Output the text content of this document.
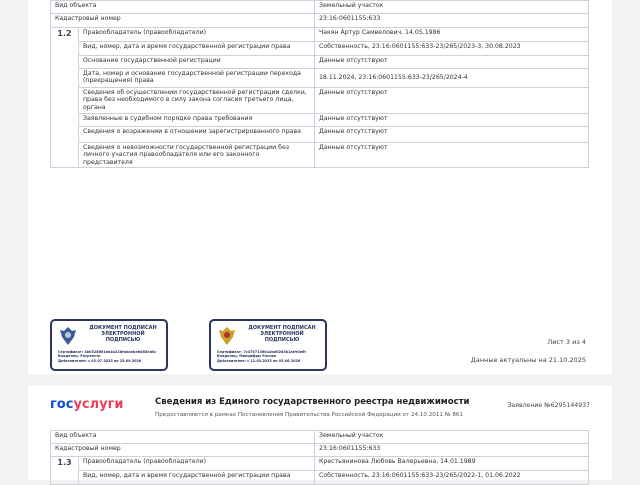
Вид объекта		Земельный участок
Кадастровый номер		23:16:0601155:633
1.2	Правообладатель (правообладатели)	Чакян Артур Самвелович, 14.05.1986
	Вид, номер, дата и время государственной регистрации права	Собственность, 23:16:0601155:633-23/265/2023-3, 30.08.2023
	Основание государственной регистрации	Данные отсутствуют
	Дата, номер и основание государственной регистрации перехода (прекращения) права	18.11.2024, 23:16:0601155:633-23/265/2024-4
	Сведения об осуществлении государственной регистрации сделки, права без необходимого в силу закона согласия третьего лица, органа	Данные отсутствуют
	Заявленные в судебном порядке права требования	Данные отсутствуют
	Сведения о возражении в отношении зарегистрированного права	Данные отсутствуют
	Сведения о невозможности государственной регистрации без личного участия правообладателя или его законного представителя	Данные отсутствуют
ДОКУМЕНТ ПОДПИСАН ЭЛЕКТРОННОЙ ПОДПИСЬЮ
Сертификат: 4b0528661eb4a22bfab4ebe8d85ed0c
Владелец: Росреестр
Действителен: с 02.07.2025 по 25.09.2026
ДОКУМЕНТ ПОДПИСАН ЭЛЕКТРОННОЙ ПОДПИСЬЮ
Сертификат: 7c4707136b1abd0283b1ae90e6f
Владелец: Минцифры России
Действителен: с 12.03.2025 по 05.06.2026
Лист 3 из 4
Данные актуальны на 21.10.2025
госуслуги	Сведения из Единого государственного реестра недвижимости
Предоставляются в рамках Постановления Правительства Российской Федерации от 24.10.2011 № 861
Заявление №6295144937
Вид объекта		Земельный участок
Кадастровый номер		23:16:0601155:633
1.3	Правообладатель (правообладатели)	Крестьянинова Любовь Валерьевна, 14.01.1989
	Вид, номер, дата и время государственной регистрации права	Собственность, 23:16:0601155:633-23/265/2022-1, 01.06.2022
